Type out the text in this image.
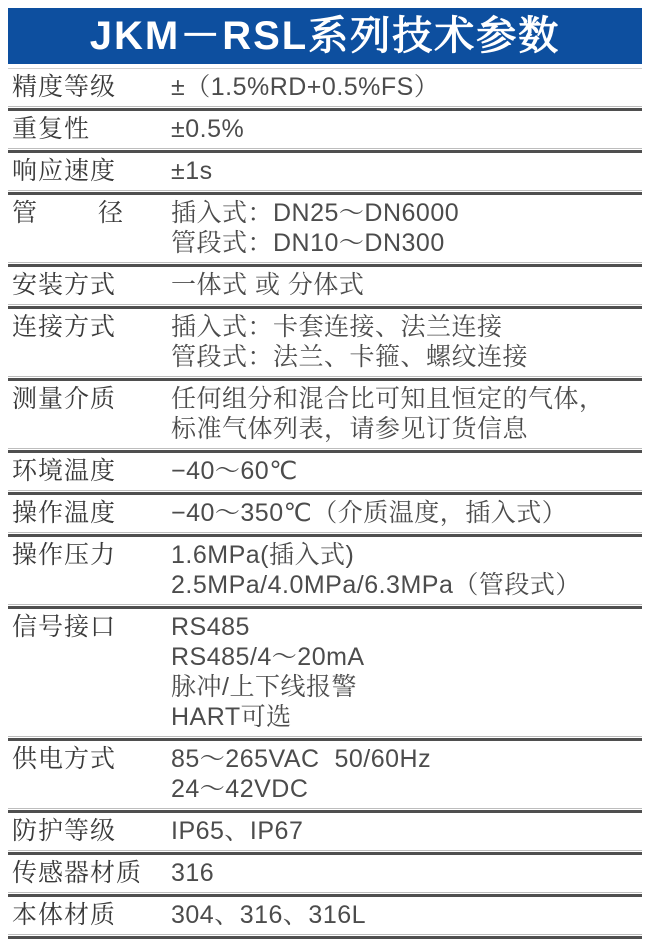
JKM－RSL系列技术参数
精度等级	±（1.5%RD+0.5%FS）
重复性	±0.5%
响应速度	±1s
管 径 插入式：DN25～DN6000
管段式：DN10～DN300
安装方式	一体式 或 分体式
连接方式	插入式：卡套连接、法兰连接
管段式：法兰、卡箍、螺纹连接
测量介质	任何组分和混合比可知且恒定的气体，
标准气体列表，请参见订货信息
环境温度	−40～60℃
操作温度	−40～350℃（介质温度，插入式）
操作压力	1.6MPa(插入式)
2.5MPa/4.0MPa/6.3MPa（管段式）
信号接口	RS485
RS485/4～20mA
脉冲/上下线报警
HART可选
供电方式	85～265VAC  50/60Hz
24～42VDC
防护等级	IP65、IP67
传感器材质	316
本体材质	304、316、316L
